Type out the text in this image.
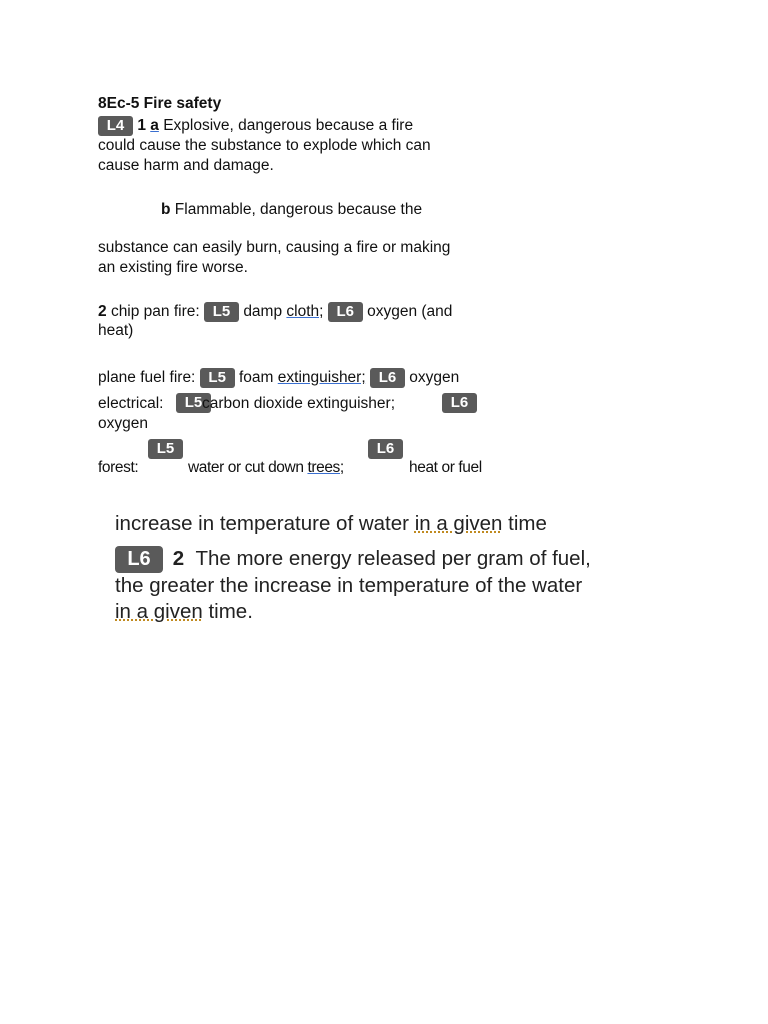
8Ec-5 Fire safety
L4 1 a Explosive, dangerous because a fire
could cause the substance to explode which can
cause harm and damage.
b Flammable, dangerous because the
substance can easily burn, causing a fire or making
an existing fire worse.
2 chip pan fire: L5 damp cloth; L6 oxygen (and
heat)
plane fuel fire: L5 foam extinguisher; L6 oxygen
electrical:	L5 carbon dioxide extinguisher;	L6
oxygen
L5	L6
forest:	water or cut down trees;	heat or fuel
increase in temperature of water in a given time
L6 2 The more energy released per gram of fuel,
the greater the increase in temperature of the water
in a given time.
